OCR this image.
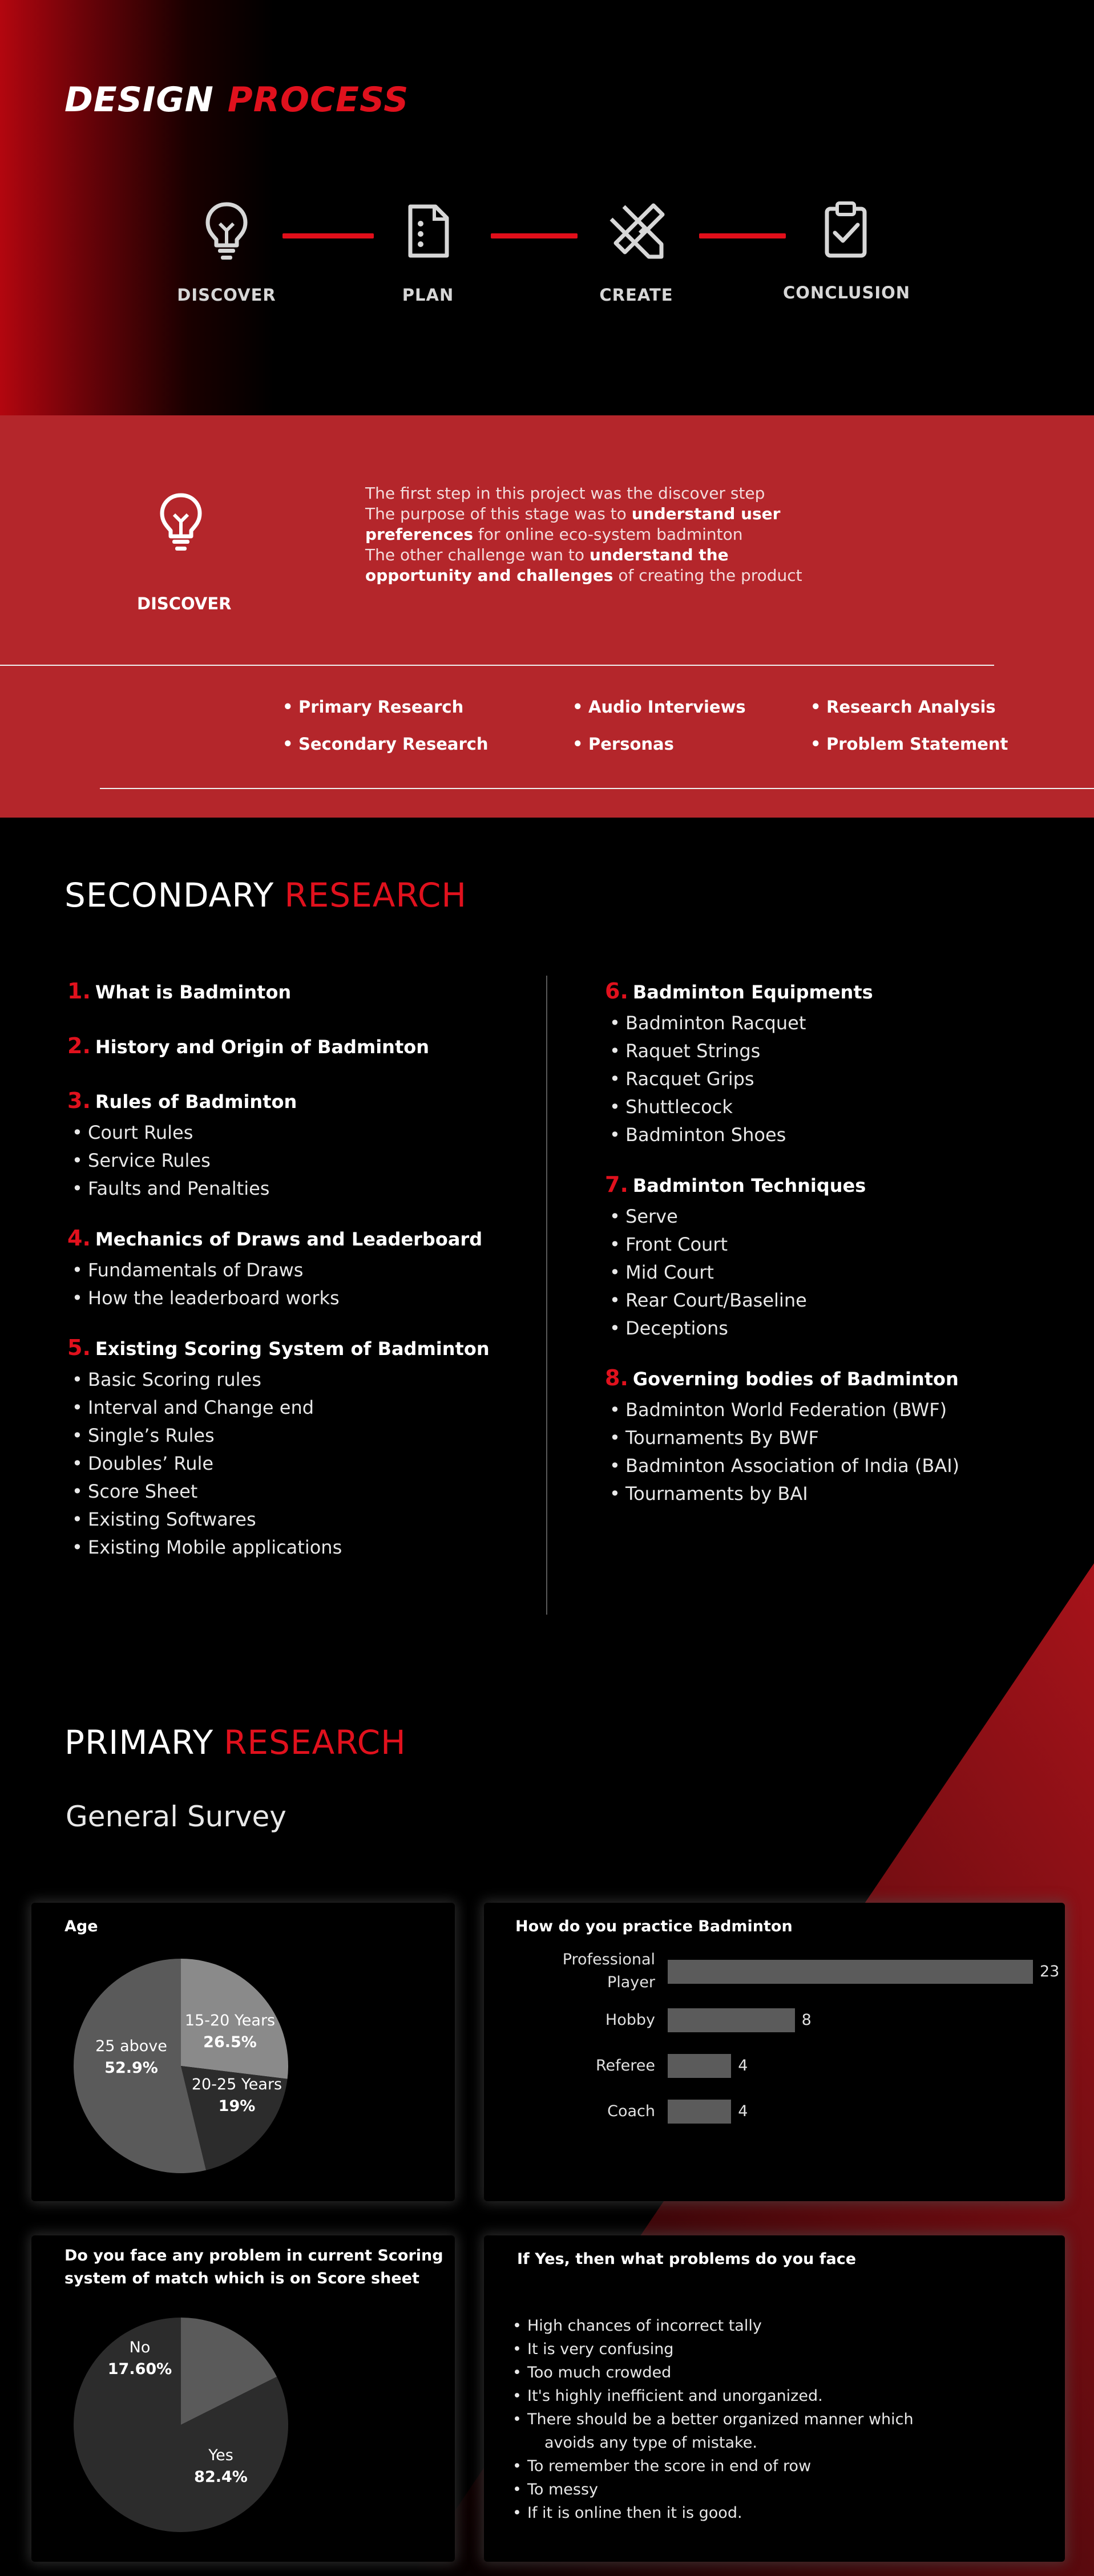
DESIGN PROCESS
DISCOVER	PLAN	CREATE	CONCLUSION
DISCOVER
The first step in this project was the discover step
The purpose of this stage was to understand user
preferences for online eco-system badminton
The other challenge wan to understand the
opportunity and challenges of creating the product
• Primary Research
• Secondary Research
• Audio Interviews
• Personas
• Research Analysis
• Problem Statement
SECONDARY RESEARCH
1. What is Badminton
2. History and Origin of Badminton
3. Rules of Badminton
• Court Rules
• Service Rules
• Faults and Penalties
4. Mechanics of Draws and Leaderboard
• Fundamentals of Draws
• How the leaderboard works
5. Existing Scoring System of Badminton
• Basic Scoring rules
• Interval and Change end
• Single’s Rules
• Doubles’ Rule
• Score Sheet
• Existing Softwares
• Existing Mobile applications
6. Badminton Equipments
• Badminton Racquet
• Raquet Strings
• Racquet Grips
• Shuttlecock
• Badminton Shoes
7. Badminton Techniques
• Serve
• Front Court
• Mid Court
• Rear Court/Baseline
• Deceptions
8. Governing bodies of Badminton
• Badminton World Federation (BWF)
• Tournaments By BWF
• Badminton Association of India (BAI)
• Tournaments by BAI
PRIMARY RESEARCH
General Survey
Age
15-20 Years
26.5%
20-25 Years
19%
25 above
52.9%
How do you practice Badminton
Professional Player
23
Hobby	8
Referee	4
Coach	4
Do you face any problem in current Scoring
system of match which is on Score sheet
No
17.60%
Yes
82.4%
If Yes, then what problems do you face
• High chances of incorrect tally
• It is very confusing
• Too much crowded
• It's highly inefficient and unorganized.
• There should be a better organized manner which
avoids any type of mistake.
• To remember the score in end of row
• To messy
• If it is online then it is good.
